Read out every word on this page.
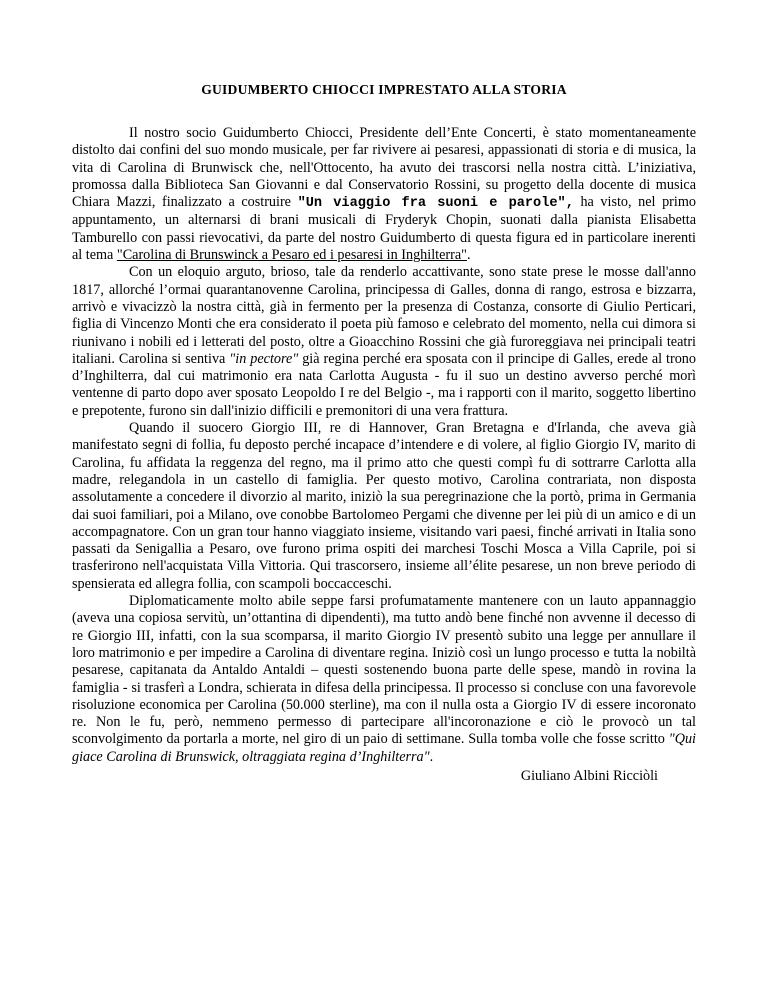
GUIDUMBERTO CHIOCCI IMPRESTATO ALLA STORIA

Il nostro socio Guidumberto Chiocci, Presidente dell’Ente Concerti, è stato momentaneamente distolto dai confini del suo mondo musicale, per far rivivere ai pesaresi, appassionati di storia e di musica, la vita di Carolina di Brunwisck che, nell'Ottocento, ha avuto dei trascorsi nella nostra città. L’iniziativa, promossa dalla Biblioteca San Giovanni e dal Conservatorio Rossini, su progetto della docente di musica Chiara Mazzi, finalizzato a costruire "Un viaggio fra suoni e parole", ha visto, nel primo appuntamento, un alternarsi di brani musicali di Fryderyk Chopin, suonati dalla pianista Elisabetta Tamburello con passi rievocativi, da parte del nostro Guidumberto di questa figura ed in particolare inerenti al tema "Carolina di Brunswinck a Pesaro ed i pesaresi in Inghilterra".

Con un eloquio arguto, brioso, tale da renderlo accattivante, sono state prese le mosse dall'anno 1817, allorché l’ormai quarantanovenne Carolina, principessa di Galles, donna di rango, estrosa e bizzarra, arrivò e vivacizzò la nostra città, già in fermento per la presenza di Costanza, consorte di Giulio Perticari, figlia di Vincenzo Monti che era considerato il poeta più famoso e celebrato del momento, nella cui dimora si riunivano i nobili ed i letterati del posto, oltre a Gioacchino Rossini che già furoreggiava nei principali teatri italiani. Carolina si sentiva "in pectore" già regina perché era sposata con il principe di Galles, erede al trono d’Inghilterra, dal cui matrimonio era nata Carlotta Augusta - fu il suo un destino avverso perché morì ventenne di parto dopo aver sposato Leopoldo I re del Belgio -, ma i rapporti con il marito, soggetto libertino e prepotente, furono sin dall'inizio difficili e premonitori di una vera frattura.

Quando il suocero Giorgio III, re di Hannover, Gran Bretagna e d'Irlanda, che aveva già manifestato segni di follia, fu deposto perché incapace d’intendere e di volere, al figlio Giorgio IV, marito di Carolina, fu affidata la reggenza del regno, ma il primo atto che questi compì fu di sottrarre Carlotta alla madre, relegandola in un castello di famiglia. Per questo motivo, Carolina contrariata, non disposta assolutamente a concedere il divorzio al marito, iniziò la sua peregrinazione che la portò, prima in Germania dai suoi familiari, poi a Milano, ove conobbe Bartolomeo Pergami che divenne per lei più di un amico e di un accompagnatore. Con un gran tour hanno viaggiato insieme, visitando vari paesi, finché arrivati in Italia sono passati da Senigallia a Pesaro, ove furono prima ospiti dei marchesi Toschi Mosca a Villa Caprile, poi si trasferirono nell'acquistata Villa Vittoria. Qui trascorsero, insieme all’élite pesarese, un non breve periodo di spensierata ed allegra follia, con scampoli boccacceschi.

Diplomaticamente molto abile seppe farsi profumatamente mantenere con un lauto appannaggio (aveva una copiosa servitù, un’ottantina di dipendenti), ma tutto andò bene finché non avvenne il decesso di re Giorgio III, infatti, con la sua scomparsa, il marito Giorgio IV presentò subito una legge per annullare il loro matrimonio e per impedire a Carolina di diventare regina. Iniziò così un lungo processo e tutta la nobiltà pesarese, capitanata da Antaldo Antaldi – questi sostenendo buona parte delle spese, mandò in rovina la famiglia - si trasferì a Londra, schierata in difesa della principessa. Il processo si concluse con una favorevole risoluzione economica per Carolina (50.000 sterline), ma con il nulla osta a Giorgio IV di essere incoronato re. Non le fu, però, nemmeno permesso di partecipare all'incoronazione e ciò le provocò un tal sconvolgimento da portarla a morte, nel giro di un paio di settimane. Sulla tomba volle che fosse scritto "Qui giace Carolina di Brunswick, oltraggiata regina d’Inghilterra".

Giuliano Albini Ricciòli
